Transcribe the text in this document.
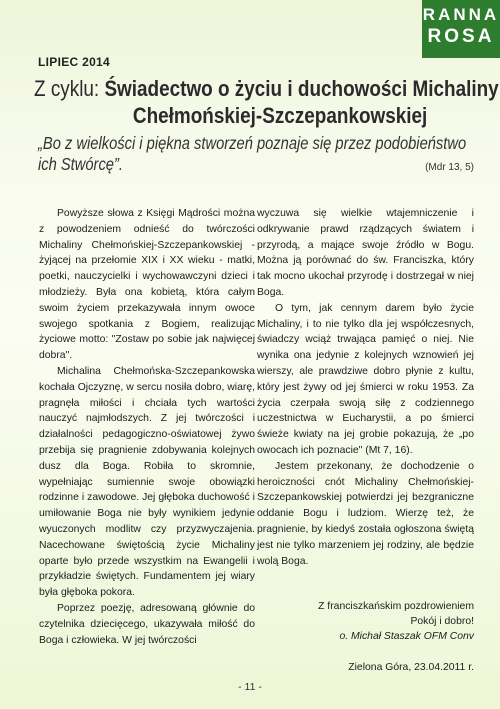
RANNA
ROSA
LIPIEC 2014
Z cyklu: Świadectwo o życiu i duchowości Michaliny
Chełmońskiej-Szczepankowskiej
„Bo z wielkości i piękna stworzeń poznaje się przez podobieństwo
ich Stwórcę”.	(Mdr 13, 5)

Powyższe słowa z Księgi Mądrości można z powodzeniem odnieść do twórczości Michaliny Chełmońskiej-Szczepankowskiej - żyjącej na przełomie XIX i XX wieku - matki, poetki, nauczycielki i wychowawczyni dzieci i młodzieży. Była ona kobietą, która całym swoim życiem przekazywała innym owoce swojego spotkania z Bogiem, realizując życiowe motto: "Zostaw po sobie jak najwięcej dobra".

Michalina Chełmońska-Szczepankowska kochała Ojczyznę, w sercu nosiła dobro, wiarę, pragnęła miłości i chciała tych wartości nauczyć najmłodszych. Z jej twórczości i działalności pedagogiczno-oświatowej żywo przebija się pragnienie zdobywania kolejnych dusz dla Boga. Robiła to skromnie, wypełniając sumiennie swoje obowiązki rodzinne i zawodowe. Jej głęboka duchowość i umiłowanie Boga nie były wynikiem jedynie wyuczonych modlitw czy przyzwyczajenia. Nacechowane świętością życie Michaliny oparte było przede wszystkim na Ewangelii i przykładzie świętych. Fundamentem jej wiary była głęboka pokora.

Poprzez poezję, adresowaną głównie do czytelnika dziecięcego, ukazywała miłość do Boga i człowieka. W jej twórczości

wyczuwa się wielkie wtajemniczenie i odkrywanie prawd rządzących światem i przyrodą, a mające swoje źródło w Bogu. Można ją porównać do św. Franciszka, który tak mocno ukochał przyrodę i dostrzegał w niej Boga.

O tym, jak cennym darem było życie Michaliny, i to nie tylko dla jej współczesnych, świadczy wciąż trwająca pamięć o niej. Nie wynika ona jedynie z kolejnych wznowień jej wierszy, ale prawdziwe dobro płynie z kultu, który jest żywy od jej śmierci w roku 1953. Za życia czerpała swoją siłę z codziennego uczestnictwa w Eucharystii, a po śmierci świeże kwiaty na jej grobie pokazują, że „po owocach ich poznacie" (Mt 7, 16).

Jestem przekonany, że dochodzenie o heroiczności cnót Michaliny Chełmońskiej-Szczepankowskiej potwierdzi jej bezgraniczne oddanie Bogu i ludziom. Wierzę też, że pragnienie, by kiedyś została ogłoszona świętą jest nie tylko marzeniem jej rodziny, ale będzie wolą Boga.

Z franciszkańskim pozdrowieniem
Pokój i dobro!
o. Michał Staszak OFM Conv
Zielona Góra, 23.04.2011 r.
- 11 -
